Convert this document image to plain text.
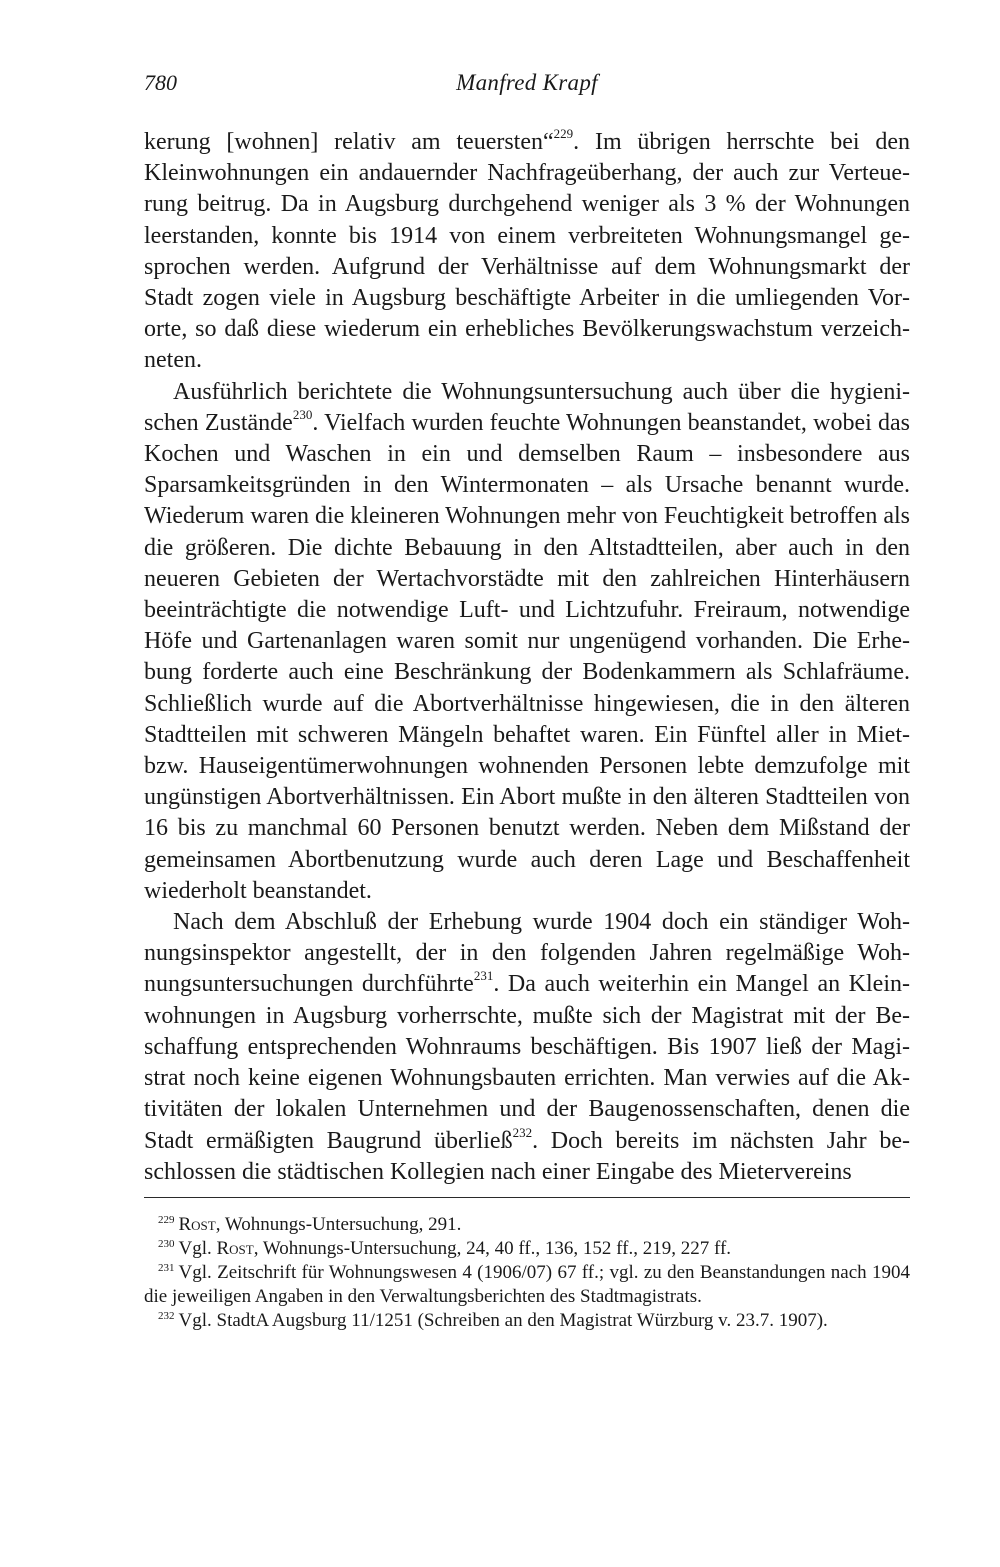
780	Manfred Krapf

kerung [wohnen] relativ am teuersten“$^{229}$. Im übrigen herrschte bei den Kleinwohnungen ein andauernder Nachfrageüberhang, der auch zur Verteuerung beitrug. Da in Augsburg durchgehend weniger als 3 % der Wohnungen leerstanden, konnte bis 1914 von einem verbreiteten Wohnungsmangel gesprochen werden. Aufgrund der Verhältnisse auf dem Wohnungsmarkt der Stadt zogen viele in Augsburg beschäftigte Arbeiter in die umliegenden Vororte, so daß diese wiederum ein erhebliches Bevölkerungswachstum verzeichneten.

Ausführlich berichtete die Wohnungsuntersuchung auch über die hygienischen Zustände$^{230}$. Vielfach wurden feuchte Wohnungen beanstandet, wobei das Kochen und Waschen in ein und demselben Raum – insbesondere aus Sparsamkeitsgründen in den Wintermonaten – als Ursache benannt wurde. Wiederum waren die kleineren Wohnungen mehr von Feuchtigkeit betroffen als die größeren. Die dichte Bebauung in den Altstadtteilen, aber auch in den neueren Gebieten der Wertachvorstädte mit den zahlreichen Hinterhäusern beeinträchtigte die notwendige Luft- und Lichtzufuhr. Freiraum, notwendige Höfe und Gartenanlagen waren somit nur ungenügend vorhanden. Die Erhebung forderte auch eine Beschränkung der Bodenkammern als Schlafräume. Schließlich wurde auf die Abortverhältnisse hingewiesen, die in den älteren Stadtteilen mit schweren Mängeln behaftet waren. Ein Fünftel aller in Miet- bzw. Hauseigentümerwohnungen wohnenden Personen lebte demzufolge mit ungünstigen Abortverhältnissen. Ein Abort mußte in den älteren Stadtteilen von 16 bis zu manchmal 60 Personen benutzt werden. Neben dem Mißstand der gemeinsamen Abortbenutzung wurde auch deren Lage und Beschaffenheit wiederholt beanstandet.

Nach dem Abschluß der Erhebung wurde 1904 doch ein ständiger Wohnungsinspektor angestellt, der in den folgenden Jahren regelmäßige Wohnungsuntersuchungen durchführte$^{231}$. Da auch weiterhin ein Mangel an Kleinwohnungen in Augsburg vorherrschte, mußte sich der Magistrat mit der Beschaffung entsprechenden Wohnraums beschäftigen. Bis 1907 ließ der Magistrat noch keine eigenen Wohnungsbauten errichten. Man verwies auf die Aktivitäten der lokalen Unternehmen und der Baugenossenschaften, denen die Stadt ermäßigten Baugrund überließ$^{232}$. Doch bereits im nächsten Jahr beschlossen die städtischen Kollegien nach einer Eingabe des Mietervereins

$^{229}$ Rost, Wohnungs-Untersuchung, 291.

$^{230}$ Vgl. Rost, Wohnungs-Untersuchung, 24, 40 ff., 136, 152 ff., 219, 227 ff.

$^{231}$ Vgl. Zeitschrift für Wohnungswesen 4 (1906/07) 67 ff.; vgl. zu den Beanstandungen nach 1904 die jeweiligen Angaben in den Verwaltungsberichten des Stadtmagistrats.

$^{232}$ Vgl. StadtA Augsburg 11/1251 (Schreiben an den Magistrat Würzburg v. 23.7. 1907).
